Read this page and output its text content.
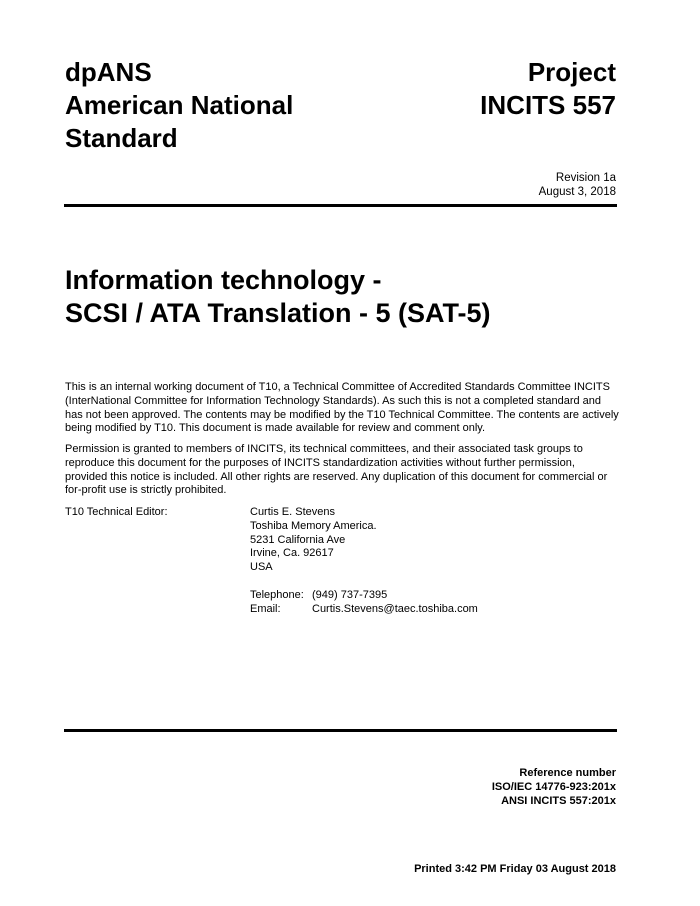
dpANS
American National
Standard
Project
INCITS 557
Revision 1a
August 3, 2018
Information technology -
SCSI / ATA Translation - 5 (SAT-5)
This is an internal working document of T10, a Technical Committee of Accredited Standards Committee INCITS (InterNational Committee for Information Technology Standards). As such this is not a completed standard and has not been approved. The contents may be modified by the T10 Technical Committee. The contents are actively being modified by T10. This document is made available for review and comment only.
Permission is granted to members of INCITS, its technical committees, and their associated task groups to reproduce this document for the purposes of INCITS standardization activities without further permission, provided this notice is included. All other rights are reserved. Any duplication of this document for commercial or for-profit use is strictly prohibited.
T10 Technical Editor:	Curtis E. Stevens
Toshiba Memory America.
5231 California Ave
Irvine, Ca. 92617
USA
Telephone: (949) 737-7395
Email:	Curtis.Stevens@taec.toshiba.com
Reference number
ISO/IEC 14776-923:201x
ANSI INCITS 557:201x
Printed 3:42 PM Friday 03 August 2018
